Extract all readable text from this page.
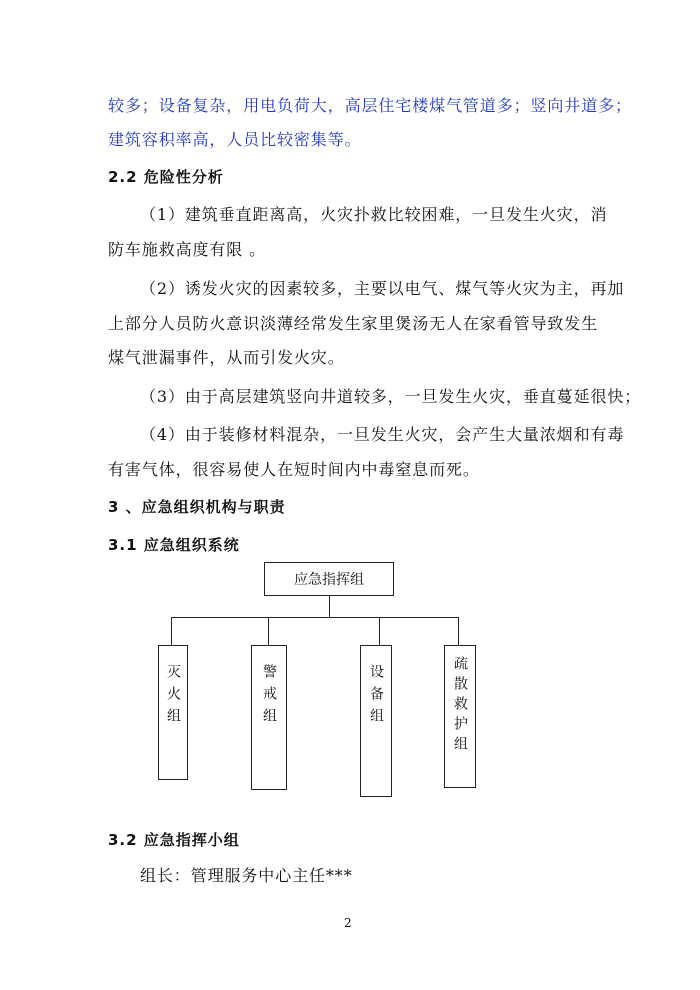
较多；设备复杂，用电负荷大，高层住宅楼煤气管道多；竖向井道多；
建筑容积率高，人员比较密集等。
2.2 危险性分析
（1）建筑垂直距离高，火灾扑救比较困难，一旦发生火灾，消
防车施救高度有限 。
（2）诱发火灾的因素较多，主要以电气、煤气等火灾为主，再加
上部分人员防火意识淡薄经常发生家里煲汤无人在家看管导致发生
煤气泄漏事件，从而引发火灾。
（3）由于高层建筑竖向井道较多，一旦发生火灾，垂直蔓延很快；
（4）由于装修材料混杂，一旦发生火灾，会产生大量浓烟和有毒
有害气体，很容易使人在短时间内中毒窒息而死。
3 、应急组织机构与职责
3.1 应急组织系统
应急指挥组
灭火组	警戒组	设备组	疏散救护组
3.2 应急指挥小组
组长：管理服务中心主任***
2
